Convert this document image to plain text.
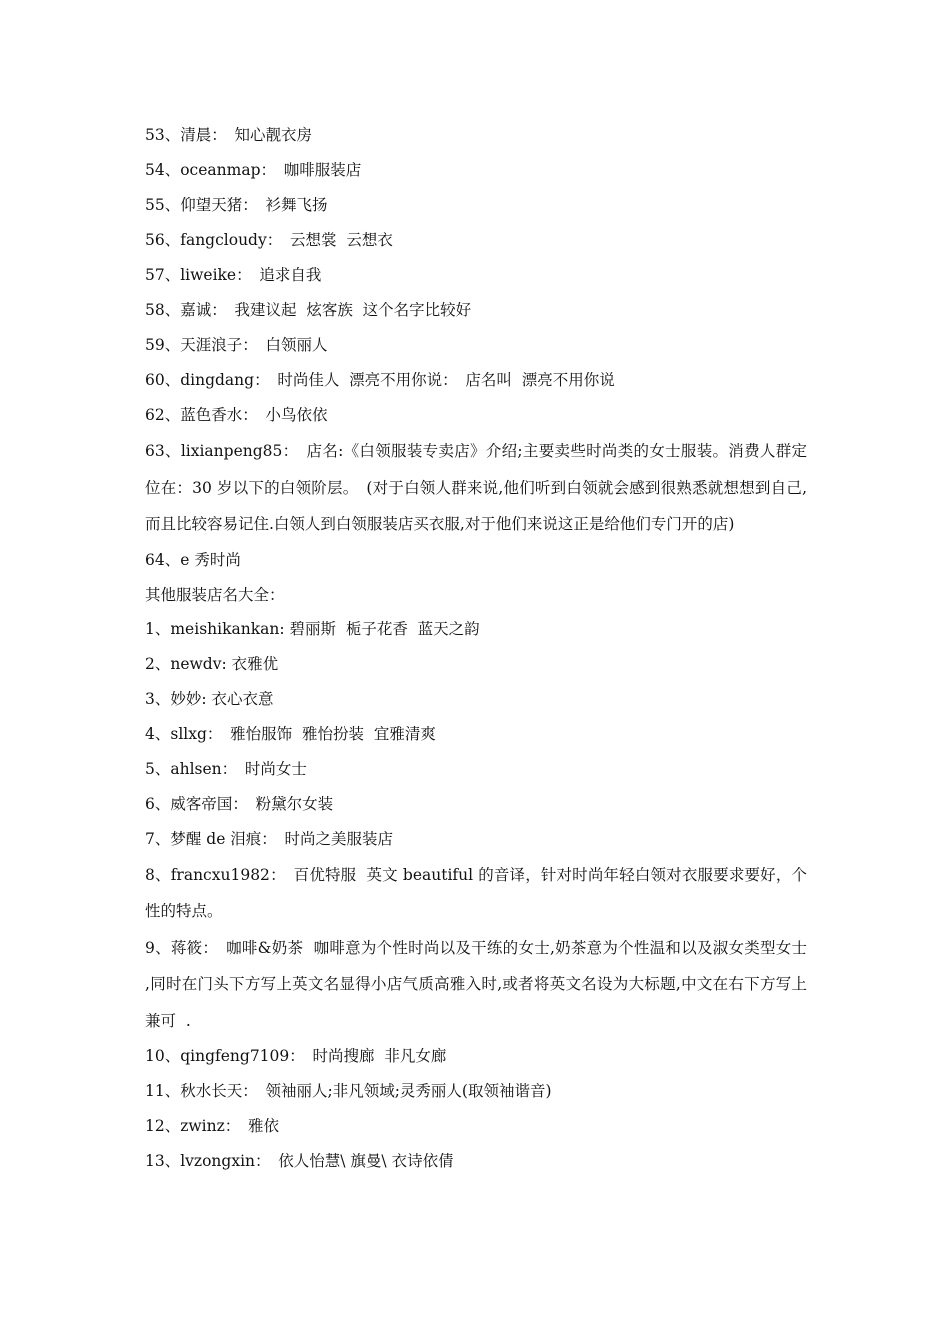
53、清晨：　知心靓衣房
54、oceanmap：　咖啡服装店
55、仰望天猪：　衫舞飞扬
56、fangcloudy：　云想裳  云想衣
57、liweike：　追求自我
58、嘉诚：　我建议起  炫客族  这个名字比较好
59、天涯浪子：　白领丽人
60、dingdang：　时尚佳人  漂亮不用你说：　店名叫  漂亮不用你说
62、蓝色香水：　小鸟依依
63、lixianpeng85：　店名:《白领服装专卖店》介绍;主要卖些时尚类的女士服装。消费人群定位在：30 岁以下的白领阶层。　(对于白领人群来说,他们听到白领就会感到很熟悉就想想到自己,而且比较容易记住.白领人到白领服装店买衣服,对于他们来说这正是给他们专门开的店)
64、e 秀时尚
其他服装店名大全：
1、meishikankan: 碧丽斯  栀子花香  蓝天之韵
2、newdv: 衣雅优
3、妙妙: 衣心衣意
4、sllxg：　雅怡服饰  雅怡扮装  宜雅清爽
5、ahlsen：　时尚女士
6、威客帝国：　粉黛尔女装
7、梦醒 de 泪痕：　时尚之美服装店
8、francxu1982：　百优特服  英文 beautiful 的音译，针对时尚年轻白领对衣服要求要好，个性的特点。
9、蒋筱：　咖啡&奶茶  咖啡意为个性时尚以及干练的女士,奶茶意为个性温和以及淑女类型女士  ,同时在门头下方写上英文名显得小店气质高雅入时,或者将英文名设为大标题,中文在右下方写上兼可  .
10、qingfeng7109：　时尚搜廊  非凡女廊
11、秋水长天：　领袖丽人;非凡领域;灵秀丽人(取领袖谐音)
12、zwinz：　雅依
13、lvzongxin：　依人怡慧\ 旗曼\ 衣诗依倩
